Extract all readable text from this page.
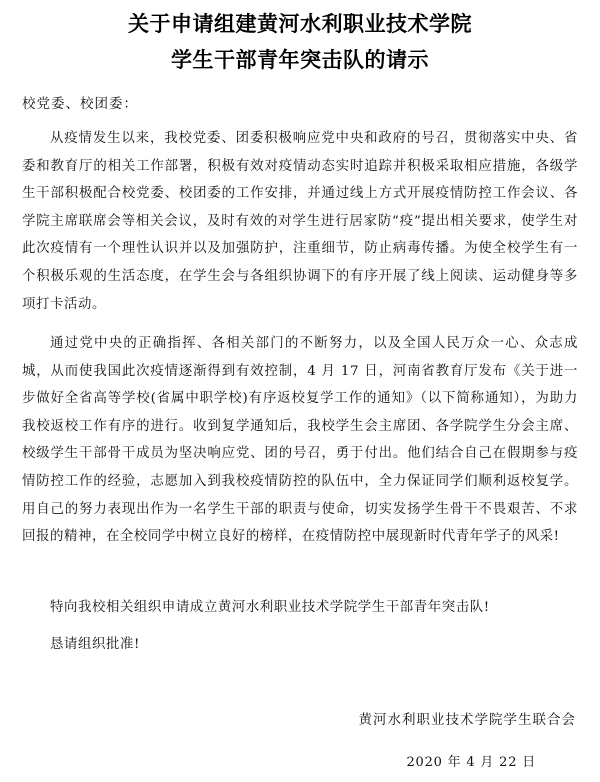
关于申请组建黄河水利职业技术学院
学生干部青年突击队的请示
校党委、校团委：

从疫情发生以来，我校党委、团委积极响应党中央和政府的号召，贯彻落实中央、省委和教育厅的相关工作部署，积极有效对疫情动态实时追踪并积极采取相应措施，各级学生干部积极配合校党委、校团委的工作安排，并通过线上方式开展疫情防控工作会议、各学院主席联席会等相关会议，及时有效的对学生进行居家防“疫”提出相关要求，使学生对此次疫情有一个理性认识并以及加强防护，注重细节，防止病毒传播。为使全校学生有一个积极乐观的生活态度，在学生会与各组织协调下的有序开展了线上阅读、运动健身等多项打卡活动。

通过党中央的正确指挥、各相关部门的不断努力，以及全国人民万众一心、众志成城，从而使我国此次疫情逐渐得到有效控制，4 月 17 日，河南省教育厅发布《关于进一步做好全省高等学校(省属中职学校)有序返校复学工作的通知》（以下简称通知），为助力我校返校工作有序的进行。收到复学通知后，我校学生会主席团、各学院学生分会主席、校级学生干部骨干成员为坚决响应党、团的号召，勇于付出。他们结合自己在假期参与疫情防控工作的经验，志愿加入到我校疫情防控的队伍中，全力保证同学们顺利返校复学。用自己的努力表现出作为一名学生干部的职责与使命，切实发扬学生骨干不畏艰苦、不求回报的精神，在全校同学中树立良好的榜样，在疫情防控中展现新时代青年学子的风采!

特向我校相关组织申请成立黄河水利职业技术学院学生干部青年突击队!

恳请组织批准!

黄河水利职业技术学院学生联合会
2020 年 4 月 22 日
